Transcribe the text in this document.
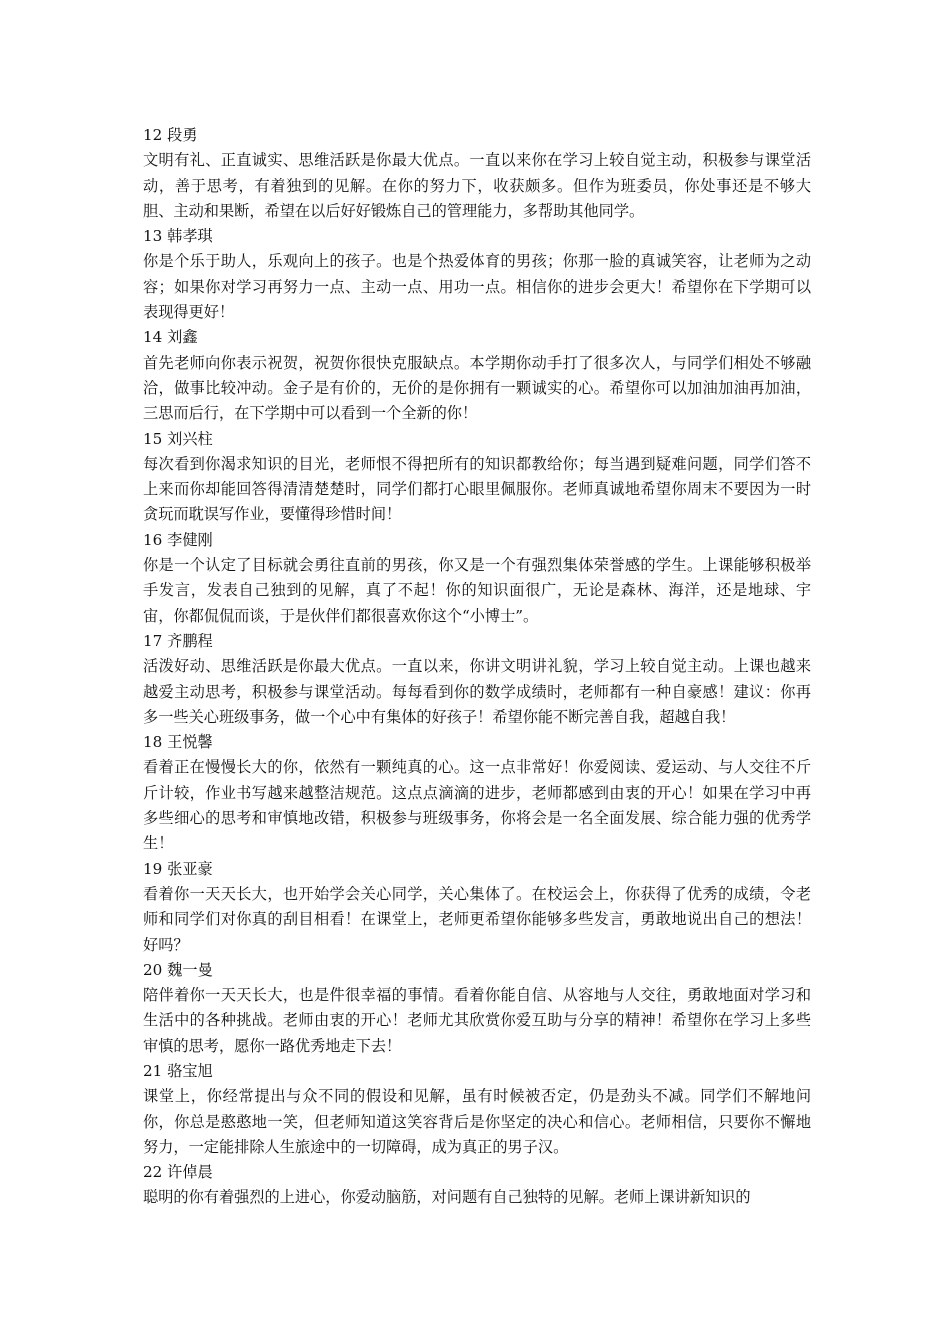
12 段勇

文明有礼、正直诚实、思维活跃是你最大优点。一直以来你在学习上较自觉主动，积极参与课堂活动，善于思考，有着独到的见解。在你的努力下，收获颇多。但作为班委员，你处事还是不够大胆、主动和果断，希望在以后好好锻炼自己的管理能力，多帮助其他同学。

13 韩孝琪

你是个乐于助人，乐观向上的孩子。也是个热爱体育的男孩；你那一脸的真诚笑容，让老师为之动容；如果你对学习再努力一点、主动一点、用功一点。相信你的进步会更大！希望你在下学期可以表现得更好！

14 刘鑫

首先老师向你表示祝贺，祝贺你很快克服缺点。本学期你动手打了很多次人，与同学们相处不够融洽，做事比较冲动。金子是有价的，无价的是你拥有一颗诚实的心。希望你可以加油加油再加油，三思而后行，在下学期中可以看到一个全新的你！

15 刘兴柱

每次看到你渴求知识的目光，老师恨不得把所有的知识都教给你；每当遇到疑难问题，同学们答不上来而你却能回答得清清楚楚时，同学们都打心眼里佩服你。老师真诚地希望你周末不要因为一时贪玩而耽误写作业，要懂得珍惜时间！

16 李健刚

你是一个认定了目标就会勇往直前的男孩，你又是一个有强烈集体荣誉感的学生。上课能够积极举手发言，发表自己独到的见解，真了不起！你的知识面很广，无论是森林、海洋，还是地球、宇宙，你都侃侃而谈，于是伙伴们都很喜欢你这个“小博士”。

17 齐鹏程

活泼好动、思维活跃是你最大优点。一直以来，你讲文明讲礼貌，学习上较自觉主动。上课也越来越爱主动思考，积极参与课堂活动。每每看到你的数学成绩时，老师都有一种自豪感！建议：你再多一些关心班级事务，做一个心中有集体的好孩子！希望你能不断完善自我，超越自我！

18 王悦馨

看着正在慢慢长大的你，依然有一颗纯真的心。这一点非常好！你爱阅读、爱运动、与人交往不斤斤计较，作业书写越来越整洁规范。这点点滴滴的进步，老师都感到由衷的开心！如果在学习中再多些细心的思考和审慎地改错，积极参与班级事务，你将会是一名全面发展、综合能力强的优秀学生！

19 张亚豪

看着你一天天长大，也开始学会关心同学，关心集体了。在校运会上，你获得了优秀的成绩，令老师和同学们对你真的刮目相看！在课堂上，老师更希望你能够多些发言，勇敢地说出自己的想法！好吗？

20 魏一曼

陪伴着你一天天长大，也是件很幸福的事情。看着你能自信、从容地与人交往，勇敢地面对学习和生活中的各种挑战。老师由衷的开心！老师尤其欣赏你爱互助与分享的精神！希望你在学习上多些审慎的思考，愿你一路优秀地走下去！

21 骆宝旭

课堂上，你经常提出与众不同的假设和见解，虽有时候被否定，仍是劲头不减。同学们不解地问你，你总是憨憨地一笑，但老师知道这笑容背后是你坚定的决心和信心。老师相信，只要你不懈地努力，一定能排除人生旅途中的一切障碍，成为真正的男子汉。

22 许倬晨

聪明的你有着强烈的上进心，你爱动脑筋，对问题有自己独特的见解。老师上课讲新知识的
